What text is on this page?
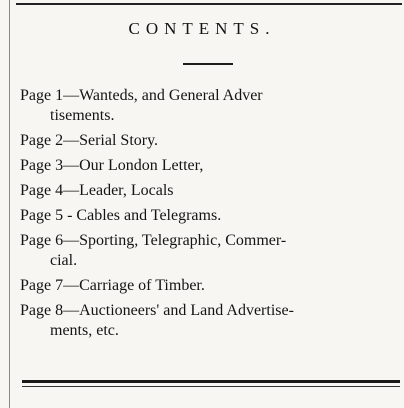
CONTENTS.
Page 1—Wanteds, and General Adver
tisements.
Page 2—Serial Story.
Page 3—Our London Letter,
Page 4—Leader, Locals
Page 5 - Cables and Telegrams.
Page 6—Sporting, Telegraphic, Commer-
cial.
Page 7—Carriage of Timber.
Page 8—Auctioneers' and Land Advertise-
ments, etc.
